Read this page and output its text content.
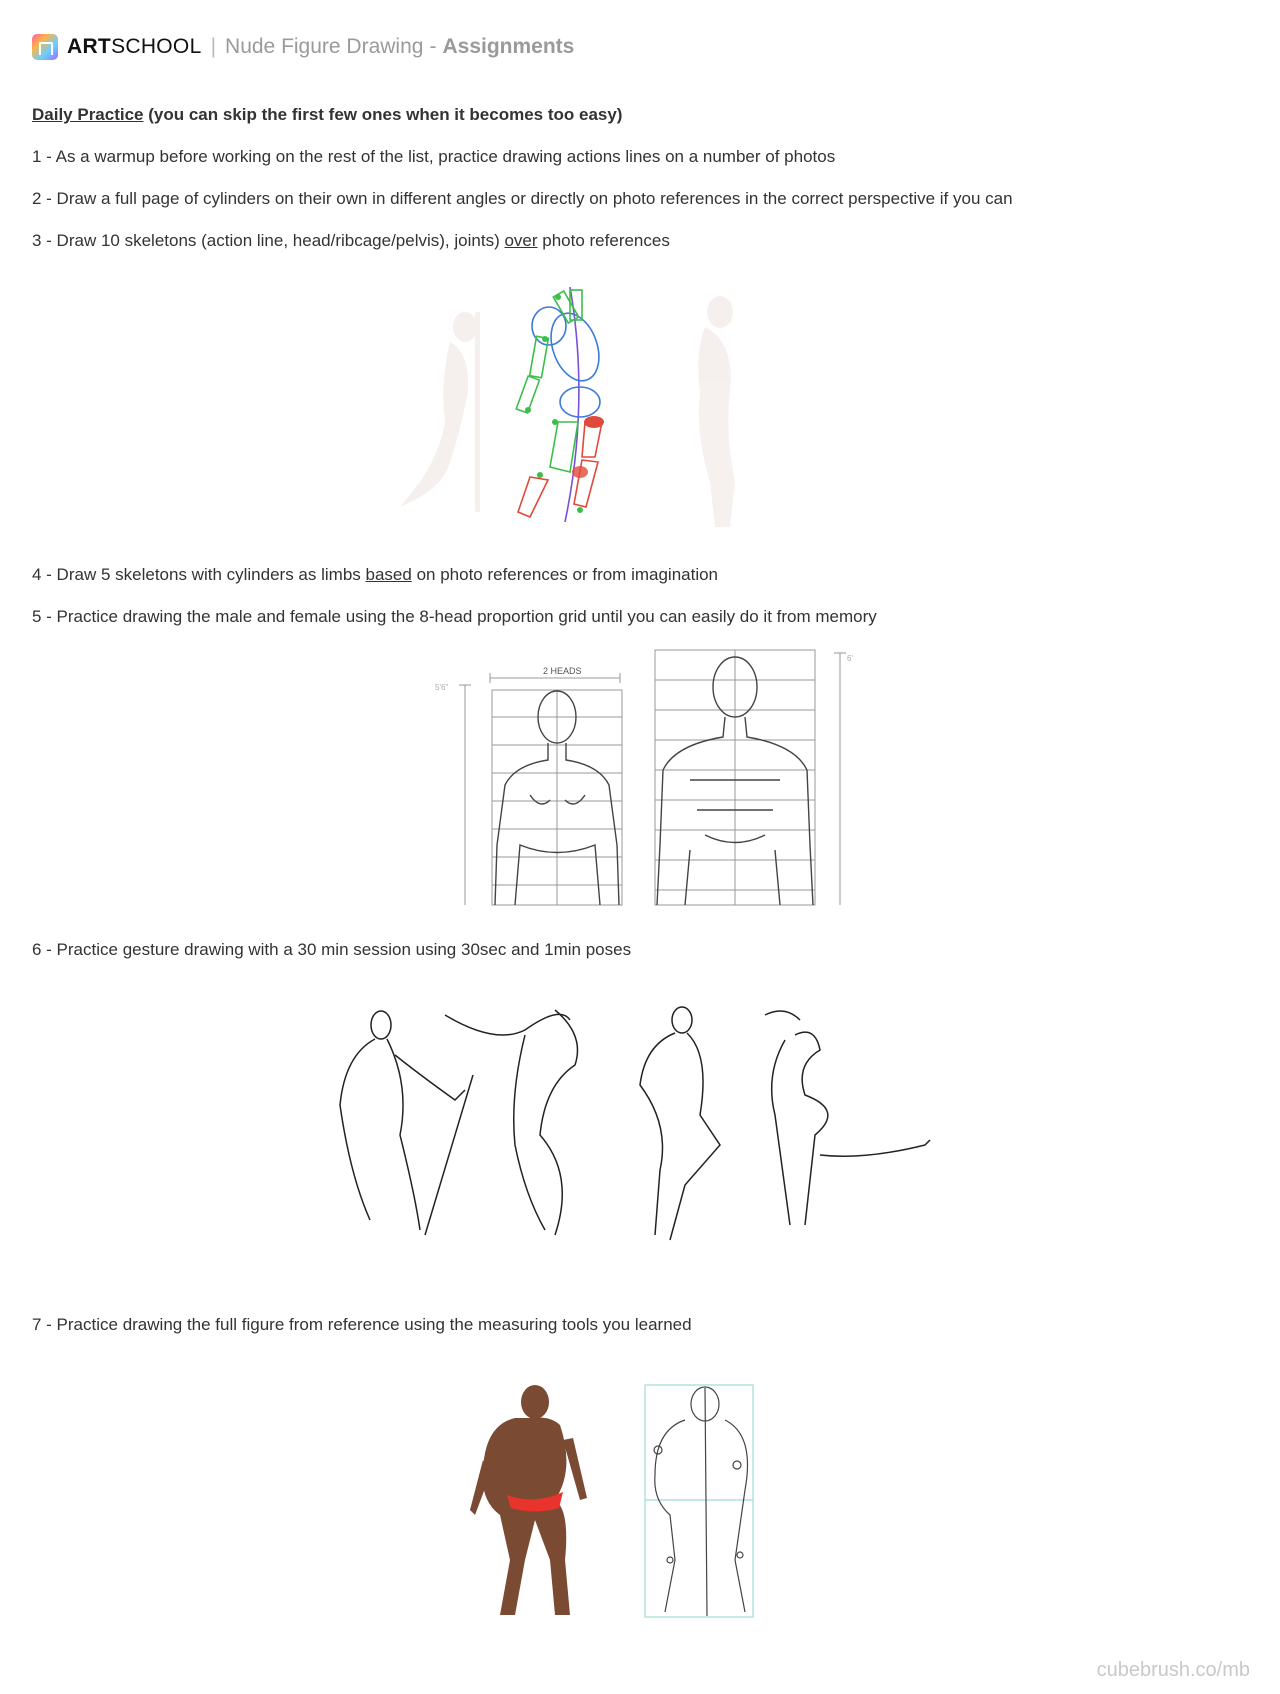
ARTSCHOOL | Nude Figure Drawing - Assignments
Daily Practice (you can skip the first few ones when it becomes too easy)
1 - As a warmup before working on the rest of the list, practice drawing actions lines on a number of photos
2 - Draw a full page of cylinders on their own in different angles or directly on photo references in the correct perspective if you can
3 - Draw 10 skeletons (action line, head/ribcage/pelvis), joints) over photo references
4 - Draw 5 skeletons with cylinders as limbs based on photo references or from imagination
5 - Practice drawing the male and female using the 8-head proportion grid until you can easily do it from memory
2 HEADS
5'6"
6'
6 - Practice gesture drawing with a 30 min session using 30sec and 1min poses
7 - Practice drawing the full figure from reference using the measuring tools you learned
cubebrush.co/mb
